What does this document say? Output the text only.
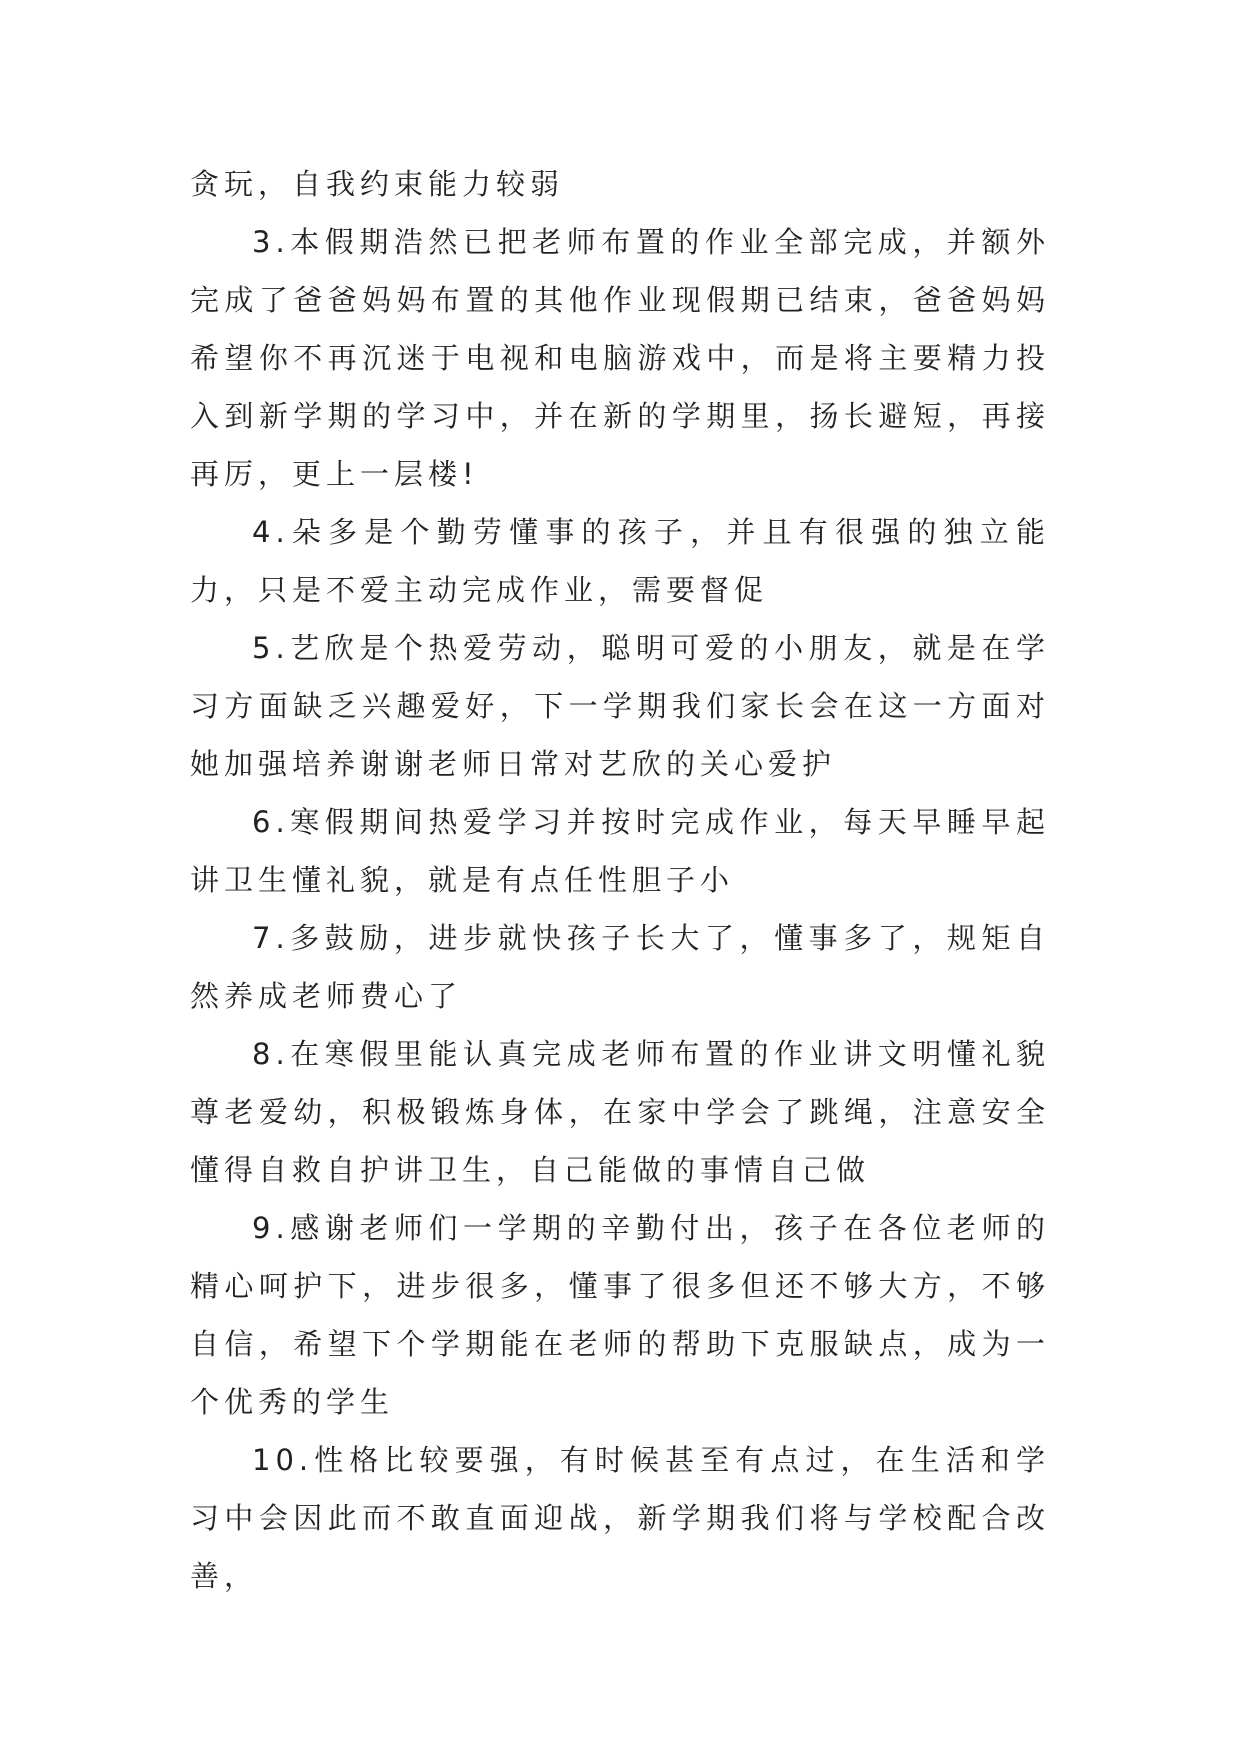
贪玩，自我约束能力较弱

3.本假期浩然已把老师布置的作业全部完成，并额外完成了爸爸妈妈布置的其他作业现假期已结束，爸爸妈妈希望你不再沉迷于电视和电脑游戏中，而是将主要精力投入到新学期的学习中，并在新的学期里，扬长避短，再接再厉，更上一层楼!

4.朵多是个勤劳懂事的孩子，并且有很强的独立能力，只是不爱主动完成作业，需要督促

5.艺欣是个热爱劳动，聪明可爱的小朋友，就是在学习方面缺乏兴趣爱好，下一学期我们家长会在这一方面对她加强培养谢谢老师日常对艺欣的关心爱护

6.寒假期间热爱学习并按时完成作业，每天早睡早起讲卫生懂礼貌，就是有点任性胆子小

7.多鼓励，进步就快孩子长大了，懂事多了，规矩自然养成老师费心了

8.在寒假里能认真完成老师布置的作业讲文明懂礼貌尊老爱幼，积极锻炼身体，在家中学会了跳绳，注意安全懂得自救自护讲卫生，自己能做的事情自己做

9.感谢老师们一学期的辛勤付出，孩子在各位老师的精心呵护下，进步很多，懂事了很多但还不够大方，不够自信，希望下个学期能在老师的帮助下克服缺点，成为一个优秀的学生

10.性格比较要强，有时候甚至有点过，在生活和学习中会因此而不敢直面迎战，新学期我们将与学校配合改善，
